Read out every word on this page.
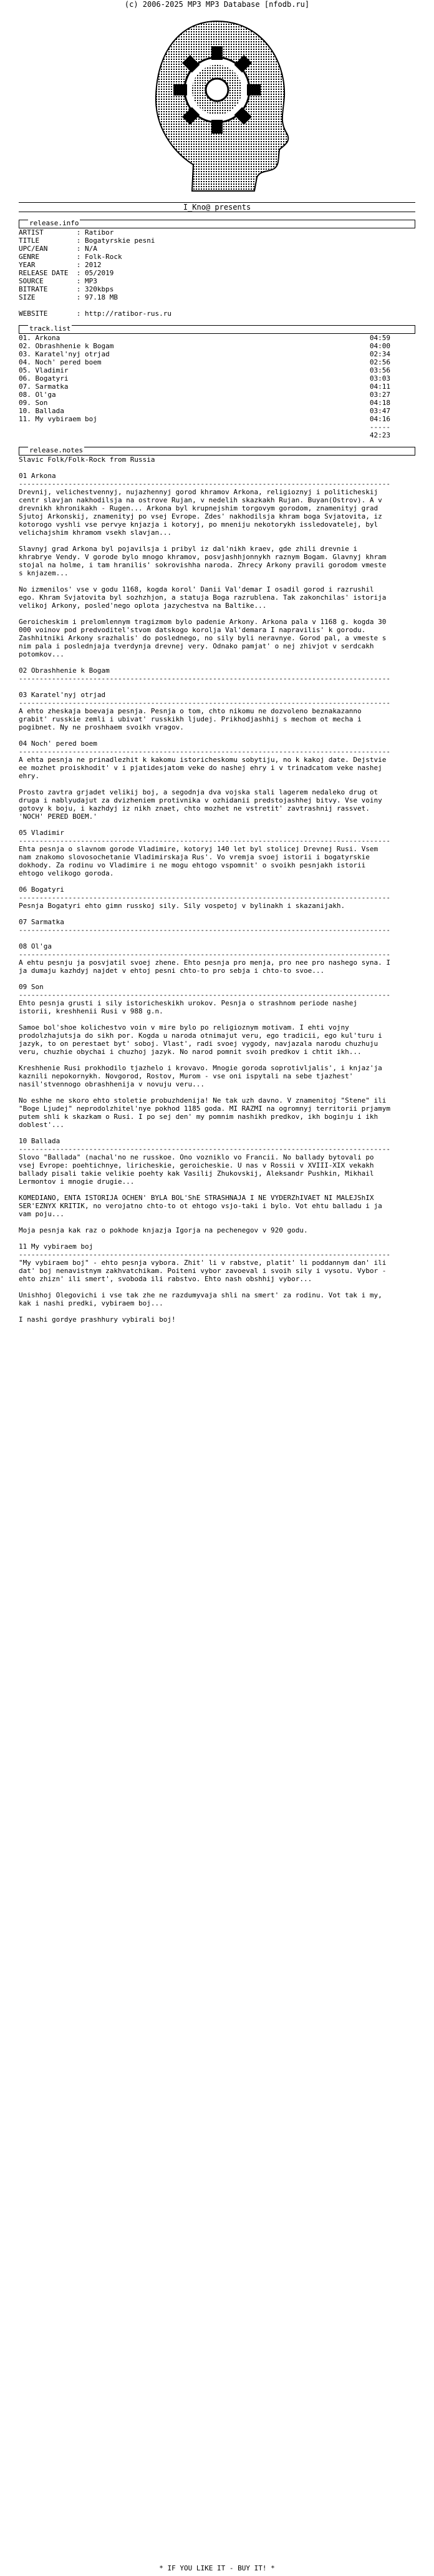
(c) 2006-2025 MP3 MP3 Database [nfodb.ru]
I_Kno@ presents
release.info
ARTIST        : Ratibor
TITLE         : Bogatyrskie pesni
UPC/EAN       : N/A
GENRE         : Folk-Rock
YEAR          : 2012
RELEASE DATE  : 05/2019
SOURCE        : MP3
BITRATE       : 320kbps
SIZE          : 97.18 MB

WEBSITE       : http://ratibor-rus.ru
track.list
01. Arkona                                                                           04:59
02. Obrashhenie k Bogam                                                              04:00
03. Karatel'nyj otrjad                                                               02:34
04. Noch' pered boem                                                                 02:56
05. Vladimir                                                                         03:56
06. Bogatyri                                                                         03:03
07. Sarmatka                                                                         04:11
08. Ol'ga                                                                            03:27
09. Son                                                                              04:18
10. Ballada                                                                          03:47
11. My vybiraem boj                                                                  04:16
-----
42:23
release.notes
Slavic Folk/Folk-Rock from Russia

01 Arkona
------------------------------------------------------------------------------------------
Drevnij, velichestvennyj, nujazhennyj gorod khramov Arkona, religioznyj i politicheskij
centr slavjan nakhodilsja na ostrove Rujan, v nedelih skazkakh Rujan. Buyan(Ostrov). A v
drevnikh khronikakh - Rugen... Arkona byl krupnejshim torgovym gorodom, znamenityj grad
Sjutoj Arkonskij, znamenityj po vsej Evrope. Zdes' nakhodilsja khram boga Svjatovita, iz
kotorogo vyshli vse pervye knjazja i kotoryj, po mneniju nekotorykh issledovatelej, byl
velichajshim khramom vsekh slavjan...

Slavnyj grad Arkona byl pojavilsja i pribyl iz dal'nikh kraev, gde zhili drevnie i
khrabrye Vendy. V gorode bylo mnogo khramov, posvjashhjonnykh raznym Bogam. Glavnyj khram
stojal na holme, i tam hranilis' sokrovishha naroda. Zhrecy Arkony pravili gorodom vmeste
s knjazem...

No izmenilos' vse v godu 1168, kogda korol' Danii Val'demar I osadil gorod i razrushil
ego. Khram Svjatovita byl sozhzhjon, a statuja Boga razrublena. Tak zakonchilas' istorija
velikoj Arkony, posled'nego oplota jazychestva na Baltike...

Geroicheskim i prelomlennym tragizmom bylo padenie Arkony. Arkona pala v 1168 g. kogda 30
000 voinov pod predvoditel'stvom datskogo korolja Val'demara I napravilis' k gorodu.
Zashhitniki Arkony srazhalis' do poslednego, no sily byli neravnye. Gorod pal, a vmeste s
nim pala i poslednjaja tverdynja drevnej very. Odnako pamjat' o nej zhivjot v serdcakh
potomkov...

02 Obrashhenie k Bogam
------------------------------------------------------------------------------------------

03 Karatel'nyj otrjad
------------------------------------------------------------------------------------------
A ehto zheskaja boevaja pesnja. Pesnja o tom, chto nikomu ne dozvoleno beznakazanno
grabit' russkie zemli i ubivat' russkikh ljudej. Prikhodjashhij s mechom ot mecha i
pogibnet. Ny ne proshhaem svoikh vragov.

04 Noch' pered boem
------------------------------------------------------------------------------------------
A ehta pesnja ne prinadlezhit k kakomu istoricheskomu sobytiju, no k kakoj date. Dejstvie
ee mozhet proiskhodit' v i pjatidesjatom veke do nashej ehry i v trinadcatom veke nashej
ehry.

Prosto zavtra grjadet velikij boj, a segodnja dva vojska stali lagerem nedaleko drug ot
druga i nablyudajut za dvizheniem protivnika v ozhidanii predstojashhej bitvy. Vse voiny
gotovy k boju, i kazhdyj iz nikh znaet, chto mozhet ne vstretit' zavtrashnij rassvet.
'NOCH' PERED BOEM.'

05 Vladimir
------------------------------------------------------------------------------------------
Ehta pesnja o slavnom gorode Vladimire, kotoryj 140 let byl stolicej Drevnej Rusi. Vsem
nam znakomo slovosochetanie Vladimirskaja Rus'. Vo vremja svoej istorii i bogatyrskie
dokhody. Za rodinu vo Vladimire i ne mogu ehtogo vspomnit' o svoikh pesnjakh istorii
ehtogo velikogo goroda.

06 Bogatyri
------------------------------------------------------------------------------------------
Pesnja Bogatyri ehto gimn russkoj sily. Sily vospetoj v bylinakh i skazanijakh.

07 Sarmatka
------------------------------------------------------------------------------------------

08 Ol'ga
------------------------------------------------------------------------------------------
A ehtu pesnju ja posvjatil svoej zhene. Ehto pesnja pro menja, pro nee pro nashego syna. I
ja dumaju kazhdyj najdet v ehtoj pesni chto-to pro sebja i chto-to svoe...

09 Son
------------------------------------------------------------------------------------------
Ehto pesnja grusti i sily istoricheskikh urokov. Pesnja o strashnom periode nashej
istorii, kreshhenii Rusi v 988 g.n.

Samoe bol'shoe kolichestvo voin v mire bylo po religioznym motivam. I ehti vojny
prodolzhajutsja do sikh por. Kogda u naroda otnimajut veru, ego tradicii, ego kul'turu i
jazyk, to on perestaet byt' soboj. Vlast', radi svoej vygody, navjazala narodu chuzhuju
veru, chuzhie obychai i chuzhoj jazyk. No narod pomnit svoih predkov i chtit ikh...

Kreshhenie Rusi prokhodilo tjazhelo i krovavo. Mnogie goroda soprotivljalis', i knjaz'ja
kaznili nepokornykh. Novgorod, Rostov, Murom - vse oni ispytali na sebe tjazhest'
nasil'stvennogo obrashhenija v novuju veru...

No eshhe ne skoro ehto stoletie probuzhdenija! Ne tak uzh davno. V znamenitoj "Stene" ili
"Boge Ljudej" neprodolzhitel'nye pokhod 1185 goda. MI RAZMI na ogromnyj territorii prjamym
putem shli k skazkam o Rusi. I po sej den' my pomnim nashikh predkov, ikh boginju i ikh
doblest'...

10 Ballada
------------------------------------------------------------------------------------------
Slovo "Ballada" (nachal'no ne russkoe. Ono vozniklo vo Francii. No ballady bytovali po
vsej Evrope: poehtichnye, liricheskie, geroicheskie. U nas v Rossii v XVIII-XIX vekakh
ballady pisali takie velikie poehty kak Vasilij Zhukovskij, Aleksandr Pushkin, Mikhail
Lermontov i mnogie drugie...

KOMEDIANO, ENTA ISTORIJA OCHEN' BYLA BOL'ShE STRASHNAJA I NE VYDERZhIVAET NI MALEJShIX
SER'EZNYX KRITIK, no verojatno chto-to ot ehtogo vsjo-taki i bylo. Vot ehtu balladu i ja
vam poju...

Moja pesnja kak raz o pokhode knjazja Igorja na pechenegov v 920 godu.

11 My vybiraem boj
------------------------------------------------------------------------------------------
"My vybiraem boj" - ehto pesnja vybora. Zhit' li v rabstve, platit' li poddannym dan' ili
dat' boj nenavistnym zakhvatchikam. Poiteni vybor zavoeval i svoih sily i vysotu. Vybor -
ehto zhizn' ili smert', svoboda ili rabstvo. Ehto nash obshhij vybor...

Unishhoj Olegovichi i vse tak zhe ne razdumyvaja shli na smert' za rodinu. Vot tak i my,
kak i nashi predki, vybiraem boj...

I nashi gordye prashhury vybirali boj!

* IF YOU LIKE IT - BUY IT! *
